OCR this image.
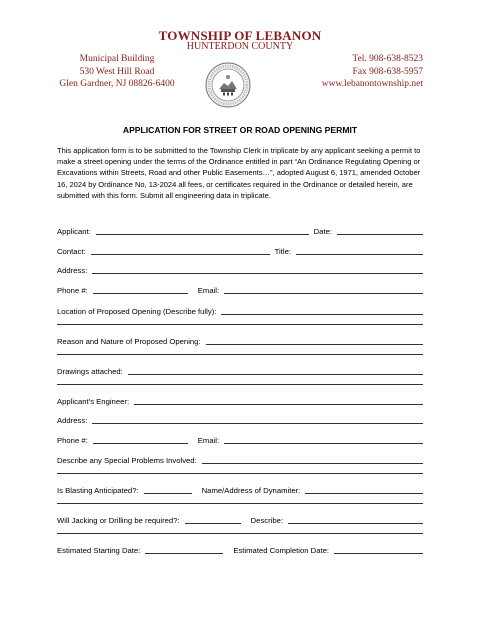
TOWNSHIP OF LEBANON
HUNTERDON COUNTY
Municipal Building
530 West Hill Road
Glen Gardner, NJ 08826-6400
Tel. 908-638-8523
Fax 908-638-5957
www.lebanontownship.net
APPLICATION FOR STREET OR ROAD OPENING PERMIT
This application form is to be submitted to the Township Clerk in triplicate by any applicant seeking a permit to make a street opening under the terms of the Ordinance entitled in part “An Ordinance Regulating Opening or Excavations within Streets, Road and other Public Easements…”, adopted August 6, 1971, amended October 16, 2024 by Ordinance No, 13-2024 all fees, or certificates required in the Ordinance or detailed herein, are submitted with this form. Submit all engineering data in triplicate.
Applicant:	Date:
Contact:	Title:
Address:
Phone #:	Email:
Location of Proposed Opening (Describe fully):
Reason and Nature of Proposed Opening:
Drawings attached:
Applicant’s Engineer:
Address:
Phone #:	Email:
Describe any Special Problems Involved:
Is Blasting Anticipated?:	Name/Address of Dynamiter:
Will Jacking or Drilling be required?:	Describe:
Estimated Starting Date:	Estimated Completion Date:
